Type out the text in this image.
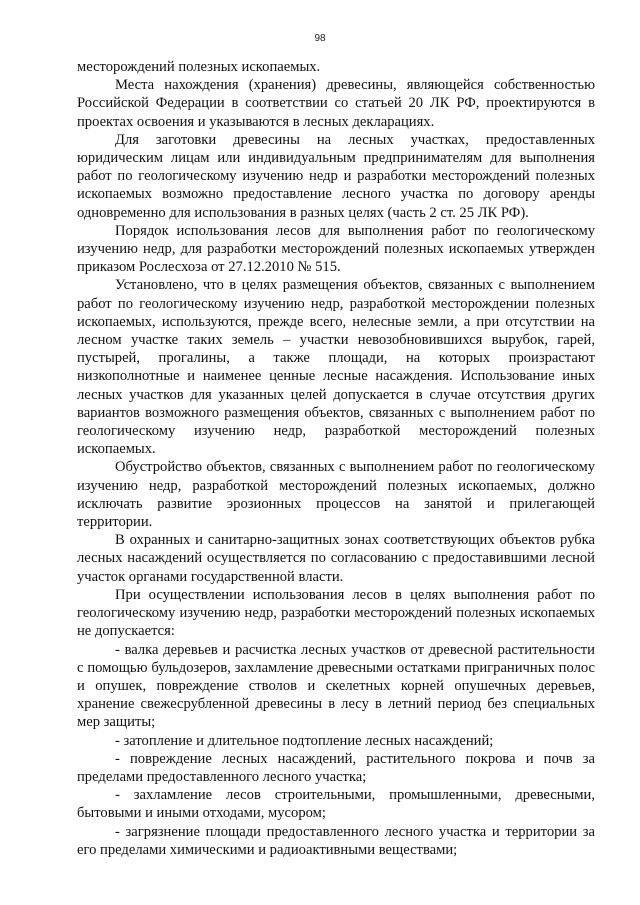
98

месторождений полезных ископаемых.

Места нахождения (хранения) древесины, являющейся собственностью Российской Федерации в соответствии со статьей 20 ЛК РФ, проектируются в проектах освоения и указываются в лесных декларациях.

Для заготовки древесины на лесных участках, предоставленных юридическим лицам или индивидуальным предпринимателям для выполнения работ по геологическому изучению недр и разработки месторождений полезных ископаемых возможно предоставление лесного участка по договору аренды одновременно для использования в разных целях (часть 2 ст. 25 ЛК РФ).

Порядок использования лесов для выполнения работ по геологическому изучению недр, для разработки месторождений полезных ископаемых утвержден приказом Рослесхоза от 27.12.2010 № 515.

Установлено, что в целях размещения объектов, связанных с выполнением работ по геологическому изучению недр, разработкой месторождении полезных ископаемых, используются, прежде всего, нелесные земли, а при отсутствии на лесном участке таких земель – участки невозобновившихся вырубок, гарей, пустырей, прогалины, а также площади, на которых произрастают низкополнотные и наименее ценные лесные насаждения. Использование иных лесных участков для указанных целей допускается в случае отсутствия других вариантов возможного размещения объектов, связанных с выполнением работ по геологическому изучению недр, разработкой месторождений полезных ископаемых.

Обустройство объектов, связанных с выполнением работ по геологическому изучению недр, разработкой месторождений полезных ископаемых, должно исключать развитие эрозионных процессов на занятой и прилегающей территории.

В охранных и санитарно-защитных зонах соответствующих объектов рубка лесных насаждений осуществляется по согласованию с предоставившими лесной участок органами государственной власти.

При осуществлении использования лесов в целях выполнения работ по геологическому изучению недр, разработки месторождений полезных ископаемых не допускается:

- валка деревьев и расчистка лесных участков от древесной растительности с помощью бульдозеров, захламление древесными остатками приграничных полос и опушек, повреждение стволов и скелетных корней опушечных деревьев, хранение свежесрубленной древесины в лесу в летний период без специальных мер защиты;

- затопление и длительное подтопление лесных насаждений;

- повреждение лесных насаждений, растительного покрова и почв за пределами предоставленного лесного участка;

- захламление лесов строительными, промышленными, древесными, бытовыми и иными отходами, мусором;

- загрязнение площади предоставленного лесного участка и территории за его пределами химическими и радиоактивными веществами;
